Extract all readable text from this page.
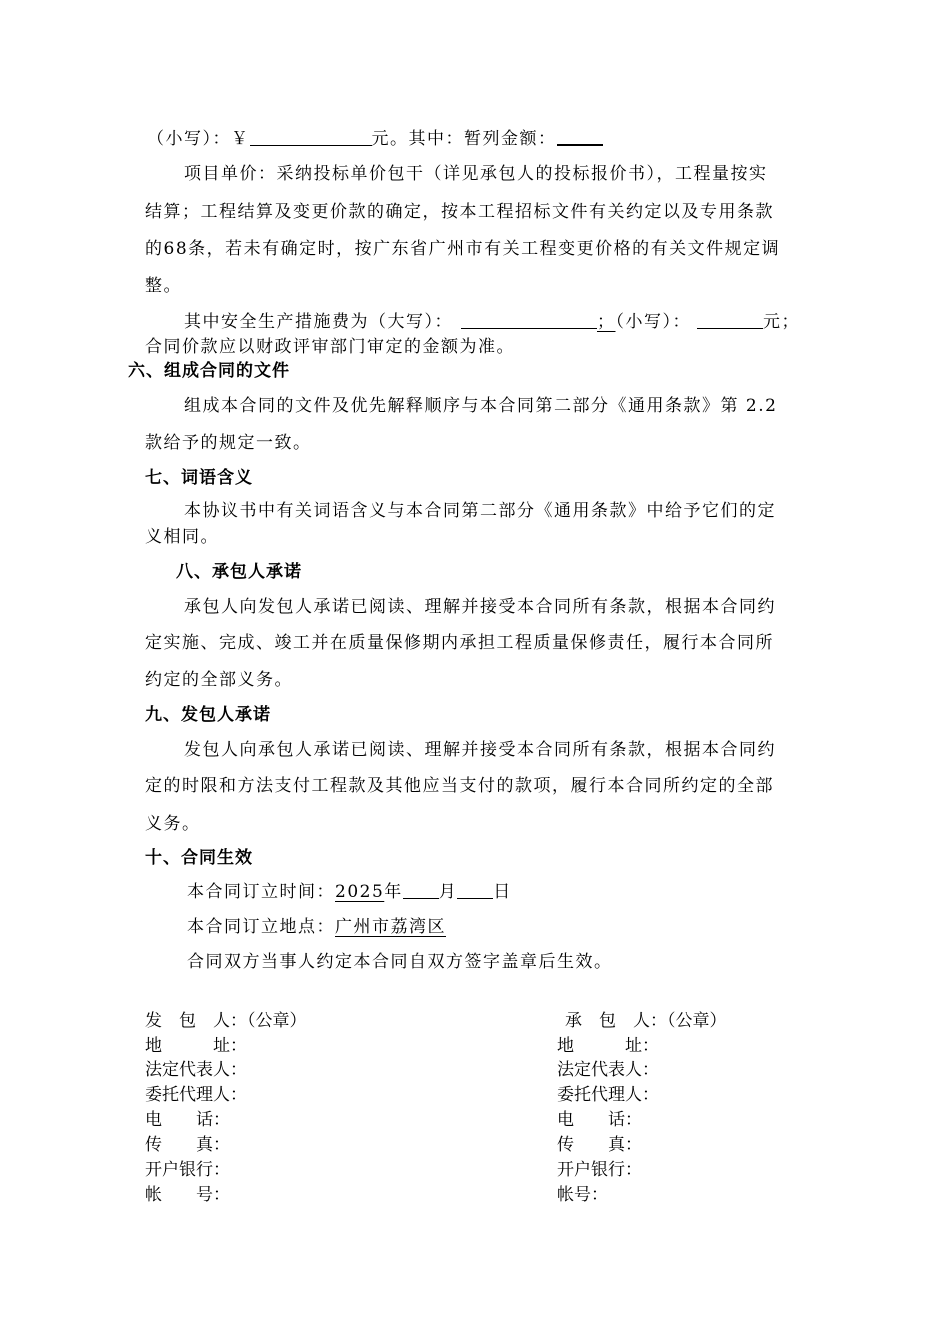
（小写）：￥	元。其中：暂列金额：
项目单价：采纳投标单价包干（详见承包人的投标报价书），工程量按实
结算；工程结算及变更价款的确定，按本工程招标文件有关约定以及专用条款
的68条，若未有确定时，按广东省广州市有关工程变更价格的有关文件规定调
整。
其中安全生产措施费为（大写）：	；（小写）：	元；
合同价款应以财政评审部门审定的金额为准。
六、组成合同的文件
组成本合同的文件及优先解释顺序与本合同第二部分《通用条款》第 2.2
款给予的规定一致。
七、词语含义
本协议书中有关词语含义与本合同第二部分《通用条款》中给予它们的定
义相同。
八、承包人承诺
承包人向发包人承诺已阅读、理解并接受本合同所有条款，根据本合同约
定实施、完成、竣工并在质量保修期内承担工程质量保修责任，履行本合同所
约定的全部义务。
九、发包人承诺
发包人向承包人承诺已阅读、理解并接受本合同所有条款，根据本合同约
定的时限和方法支付工程款及其他应当支付的款项，履行本合同所约定的全部
义务。
十、合同生效
本合同订立时间：2025年 月 日
本合同订立地点：广州市荔湾区
合同双方当事人约定本合同自双方签字盖章后生效。
发　包　人：（公章）
地　　　址：
法定代表人：
委托代理人：
电　　话：
传　　真：
开户银行：
帐　　号：
承　包　人：（公章）
地　　　址：
法定代表人：
委托代理人：
电　　话：
传　　真：
开户银行：
帐号：
